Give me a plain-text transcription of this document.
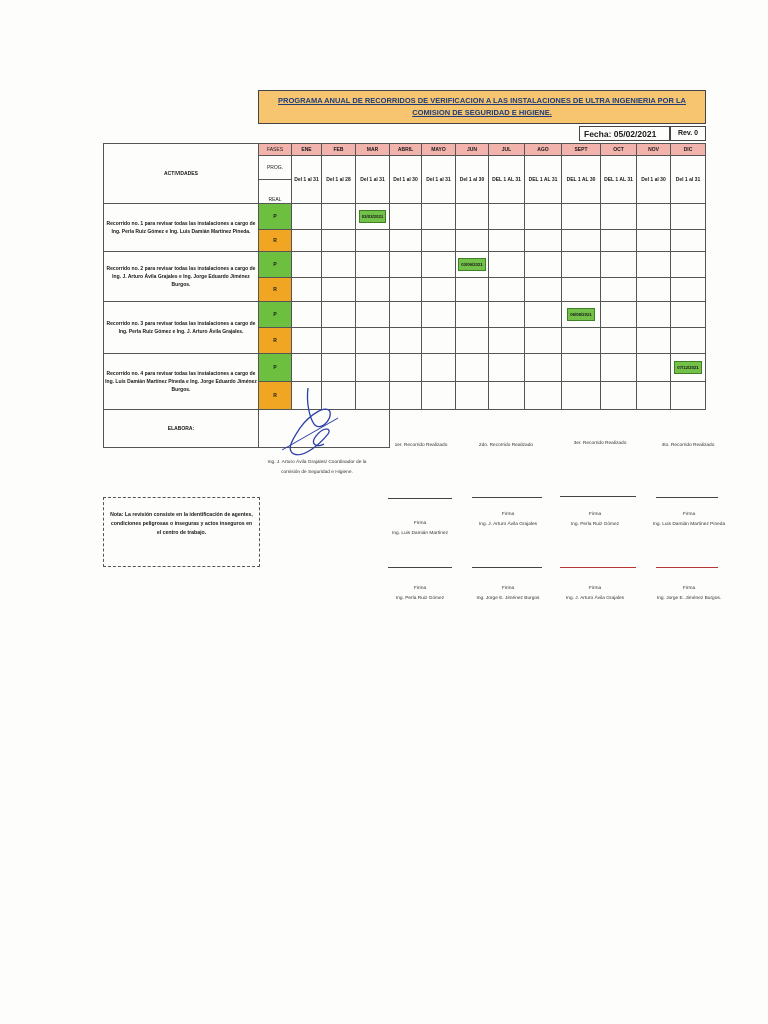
PROGRAMA ANUAL DE RECORRIDOS DE VERIFICACION A LAS INSTALACIONES DE ULTRA INGENIERIA POR LA COMISION DE SEGURIDAD E HIGIENE.
Fecha: 05/02/2021	Rev. 0
ACTIVIDADES	FASES	ENE	FEB	MAR	ABRIL	MAYO	JUN	JUL	AGO	SEPT	OCT	NOV	DIC
	PROG.	Del 1 al 31	Del 1 al 28	Del 1 al 31	Del 1 al 30	Del 1 al 31	Del 1 al 30	DEL 1 AL 31	DEL 1 AL 31	DEL 1 AL 30	DEL 1 AL 31	Del 1 al 30	Del 1 al 31
	REAL												
Recorrido no. 1 para revisar todas las instalaciones a cargo de Ing. Perla Ruiz Gómez e Ing. Luis Damián Martínez Pineda.	P			03/03/2021									
	R												
Recorrido no. 2 para revisar todas las instalaciones a cargo de Ing. J. Arturo Ávila Grajales e Ing. Jorge Eduardo Jiménez Burgos.	P						03/06/2021						
	R												
Recorrido no. 3 para revisar todas las instalaciones a cargo de Ing. Perla Ruiz Gómez e Ing. J. Arturo Ávila Grajales.	P									06/09/2021			
	R												
Recorrido no. 4 para revisar todas las instalaciones a cargo de Ing. Luis Damián Martínez Pineda e Ing. Jorge Eduardo Jiménez Burgos.	P												07/12/2021
	R												
ELABORA:													
Ing. J. Arturo Ávila Grajales/ Coordinador de la
comisión de Seguridad e Higiene.
1er. Recorrido Realizado	2do. Recorrido Realizado	3er. Recorrido Realizado	4to. Recorrido Realizado
Nota: La revisión consiste en la identificación de agentes, condiciones peligrosas o inseguras y actos inseguros en el centro de trabajo.
Firma
Ing. Luis Damián Martínez
Firma
Ing. J. Arturo Ávila Grajales
Firma
Ing. Perla Ruiz Gómez
Firma
Ing. Luis Damián Martínez Pineda
Firma
Ing. Perla Ruiz Gómez
Firma
Ing. Jorge E. Jiménez Burgos
Firma
Ing. J. Arturo Ávila Grajales
Firma
Ing. Jorge E. Jiménez Burgos.
